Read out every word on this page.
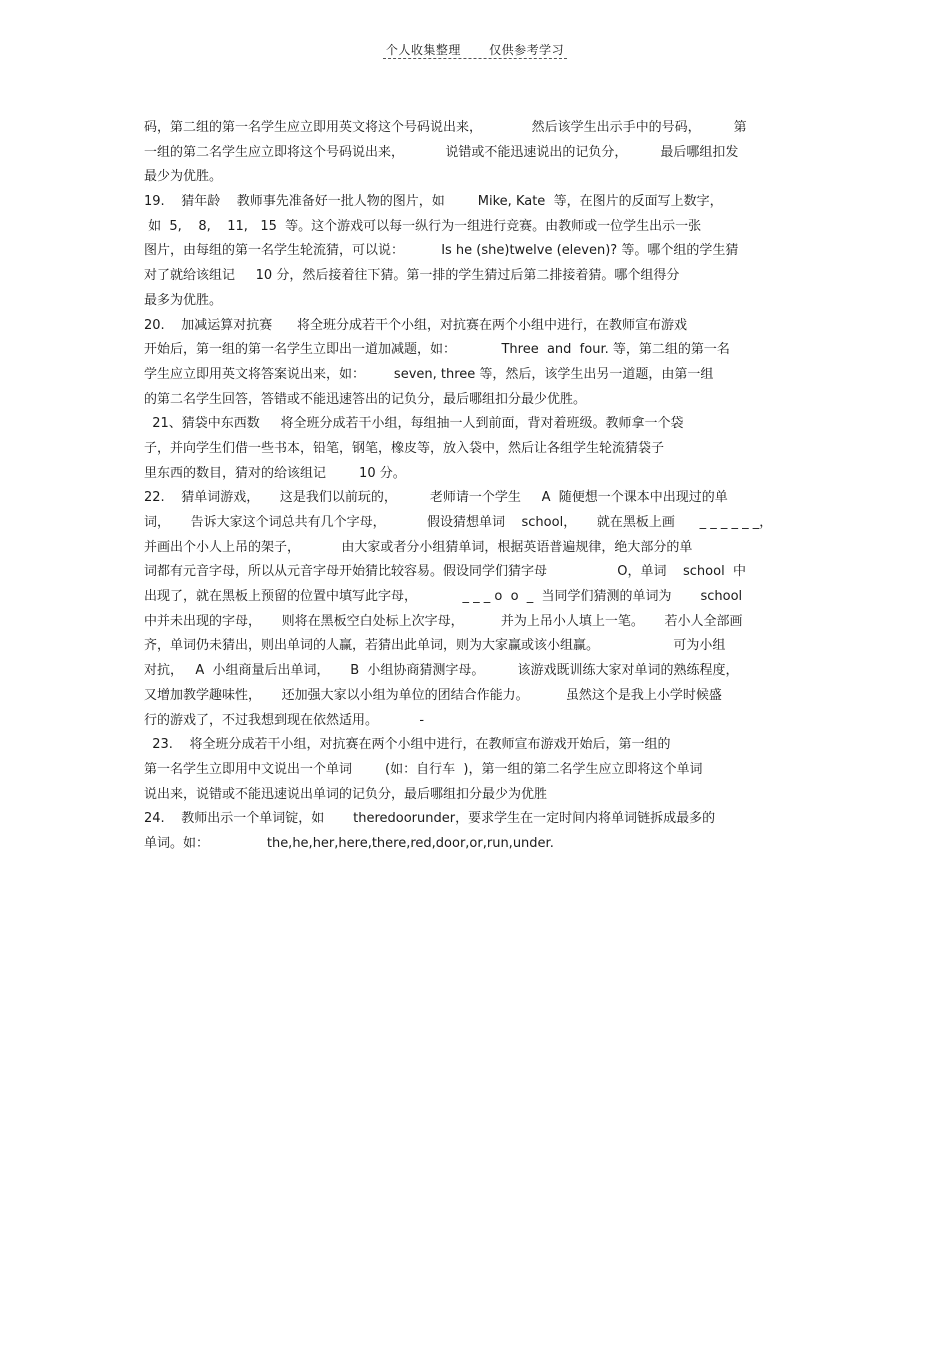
个人收集整理 仅供参考学习
码，第二组的第一名学生应立即用英文将这个号码说出来，            然后该学生出示手中的号码，        第
一组的第二名学生应立即将这个号码说出来，          说错或不能迅速说出的记负分，        最后哪组扣发
最少为优胜。
19.    猜年龄    教师事先准备好一批人物的图片，如        Mike, Kate  等，在图片的反面写上数字，
如  5,    8,    11,   15  等。这个游戏可以每一纵行为一组进行竞赛。由教师或一位学生出示一张
图片，由每组的第一名学生轮流猜，可以说：         Is he (she)twelve (eleven)? 等。哪个组的学生猜
对了就给该组记     10 分，然后接着往下猜。第一排的学生猜过后第二排接着猜。哪个组得分
最多为优胜。
20.    加减运算对抗赛      将全班分成若干个小组，对抗赛在两个小组中进行，在教师宣布游戏
开始后，第一组的第一名学生立即出一道加减题，如：           Three  and  four. 等，第二组的第一名
学生应立即用英文将答案说出来，如：       seven, three 等，然后，该学生出另一道题，由第一组
的第二名学生回答，答错或不能迅速答出的记负分，最后哪组扣分最少优胜。
21、猜袋中东西数     将全班分成若干小组，每组抽一人到前面，背对着班级。教师拿一个袋
子，并向学生们借一些书本，铅笔，钢笔，橡皮等，放入袋中，然后让各组学生轮流猜袋子
里东西的数目，猜对的给该组记        10 分。
22.    猜单词游戏，     这是我们以前玩的，        老师请一个学生     A  随便想一个课本中出现过的单
词，     告诉大家这个词总共有几个字母，          假设猜想单词    school，     就在黑板上画      _ _ _ _ _ _，
并画出个小人上吊的架子，          由大家或者分小组猜单词，根据英语普遍规律，绝大部分的单
词都有元音字母，所以从元音字母开始猜比较容易。假设同学们猜字母                 O，单词    school  中
出现了，就在黑板上预留的位置中填写此字母，           _ _ _ o  o  _  当同学们猜测的单词为       school
中并未出现的字母，     则将在黑板空白处标上次字母，         并为上吊小人填上一笔。     若小人全部画
齐，单词仍未猜出，则出单词的人赢，若猜出此单词，则为大家赢或该小组赢。                  可为小组
对抗，   A  小组商量后出单词，     B  小组协商猜测字母。        该游戏既训练大家对单词的熟练程度，
又增加教学趣味性，     还加强大家以小组为单位的团结合作能力。         虽然这个是我上小学时候盛
行的游戏了，不过我想到现在依然适用。          -
23.    将全班分成若干小组，对抗赛在两个小组中进行，在教师宣布游戏开始后，第一组的
第一名学生立即用中文说出一个单词        (如：自行车  )，第一组的第二名学生应立即将这个单词
说出来，说错或不能迅速说出单词的记负分，最后哪组扣分最少为优胜
24.    教师出示一个单词锭，如       theredoorunder，要求学生在一定时间内将单词链拆成最多的
单词。如：              the,he,her,here,there,red,door,or,run,under.
